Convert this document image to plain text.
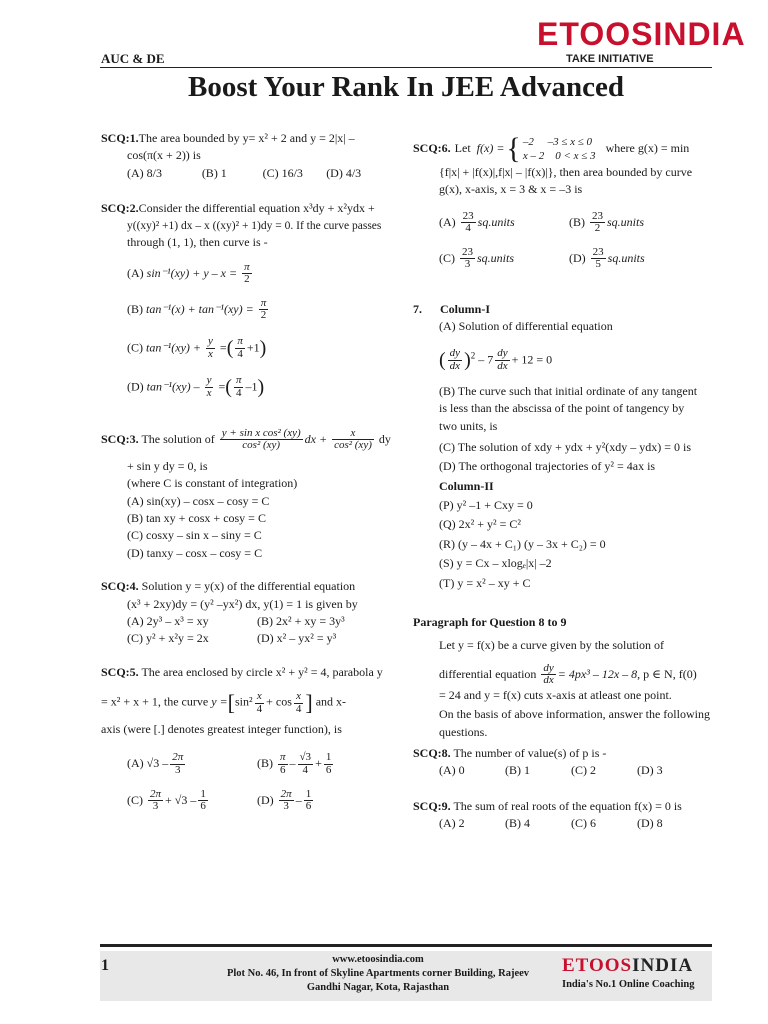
AUC & DE
ETOOSINDIA
TAKE INITIATIVE
Boost Your Rank In JEE Advanced
SCQ:1.The area bounded by y= x² + 2 and y = 2|x| –
cos(π(x + 2)) is
(A) 8/3	(B) 1	(C) 16/3	(D) 4/3
SCQ:2.Consider the differential equation x³dy + x²ydx +
y((xy)² +1) dx – x ((xy)² + 1)dy = 0. If the curve passes
through (1, 1), then curve is -
(A) $\sin^{-1}(xy) + y - x = \frac{\pi}{2}$
(B) $\tan^{-1}(x) + \tan^{-1}(xy) = \frac{\pi}{2}$
(C) $\tan^{-1}(xy) + \frac{y}{x}$ =( $\frac{\pi}{4} +1$)
(D) $\tan^{-1}(xy) - \frac{y}{x}$ =( $\frac{\pi}{4} -1$)
SCQ:3. The solution of $\frac{\text{y + sin x cos² (xy)}}{\text{cos² (xy)}}$ dx + $\frac{x}{\text{cos² (xy)}}$ dy
+ sin y dy = 0, is
(where C is constant of integration)
(A) sin(xy) – cosx – cosy = C
(B) tan xy + cosx + cosy = C
(C) cosxy – sin x – siny = C
(D) tanxy – cosx – cosy = C
SCQ:4. Solution y = y(x) of the differential equation
(x³ + 2xy)dy = (y² –yx²) dx, y(1) = 1 is given by
(A) 2y³ – x³ = xy	(B) 2x² + xy = 3y³
(C) y² + x²y = 2x	(D) x² – yx² = y³
SCQ:5. The area enclosed by circle x² + y² = 4, parabola y
= x² + x + 1, the curve $y =[\sin^2 \frac{x}{4} + \cos \frac{x}{4}$ ] and x-
axis (were [.] denotes greatest integer function), is
(A) $√3 - \frac{2\pi}{3}$	$(B) \frac{\pi}{6} - \frac{√3}{4} + \frac{1}{6}$
$(C) \frac{2\pi}{3} + √3 - \frac{1}{6}$	$(D) \frac{2\pi}{3} - \frac{1}{6}$
SCQ:6. Let f(x) = { –2     –3 ≤ x ≤ 0
x – 2    0 < x ≤ 3
where g(x) = min
{f|x| + |f(x)|,f|x| – |f(x)|}, then area bounded by curve
g(x), x-axis, x = 3 & x = –3 is
$(A) \frac{23}{4}$ sq.units	$(B) \frac{23}{2}$ sq.units
$(C) \frac{23}{3}$ sq.units	$(D) \frac{23}{5}$ sq.units
7. Column-I
(A) Solution of differential equation
( $\frac{dy}{dx} )^2 - 7 \frac{dy}{dx} + 12 = 0$
(B) The curve such that initial ordinate of any tangent
is less than the abscissa of the point of tangency by
two units, is
(C) The solution of xdy + ydx + y²(xdy – ydx) = 0 is
(D) The orthogonal trajectories of y² = 4ax is
Column-II
(P) y² –1 + Cxy = 0
(Q) 2x² + y² = C²
(R) (y – 4x + C₁) (y – 3x + C₂) = 0
(S) y = Cx – xlogₑ|x| –2
(T) y = x² – xy + C
Paragraph for Question 8 to 9
Let y = f(x) be a curve given by the solution of
differential equation $\frac{dy}{dx} = 4px^3 - 12x - 8$, p ∈ N, f(0)
= 24 and y = f(x) cuts x-axis at atleast one point.
On the basis of above information, answer the following
questions.
SCQ:8. The number of value(s) of p is -
(A) 0	(B) 1	(C) 2	(D) 3
SCQ:9. The sum of real roots of the equation f(x) = 0 is
(A) 2	(B) 4	(C) 6	(D) 8
1	www.etoosindia.com
Plot No. 46, In front of Skyline Apartments corner Building, Rajeev
Gandhi Nagar, Kota, Rajasthan
ETOOSINDIA
India's No.1 Online Coaching
